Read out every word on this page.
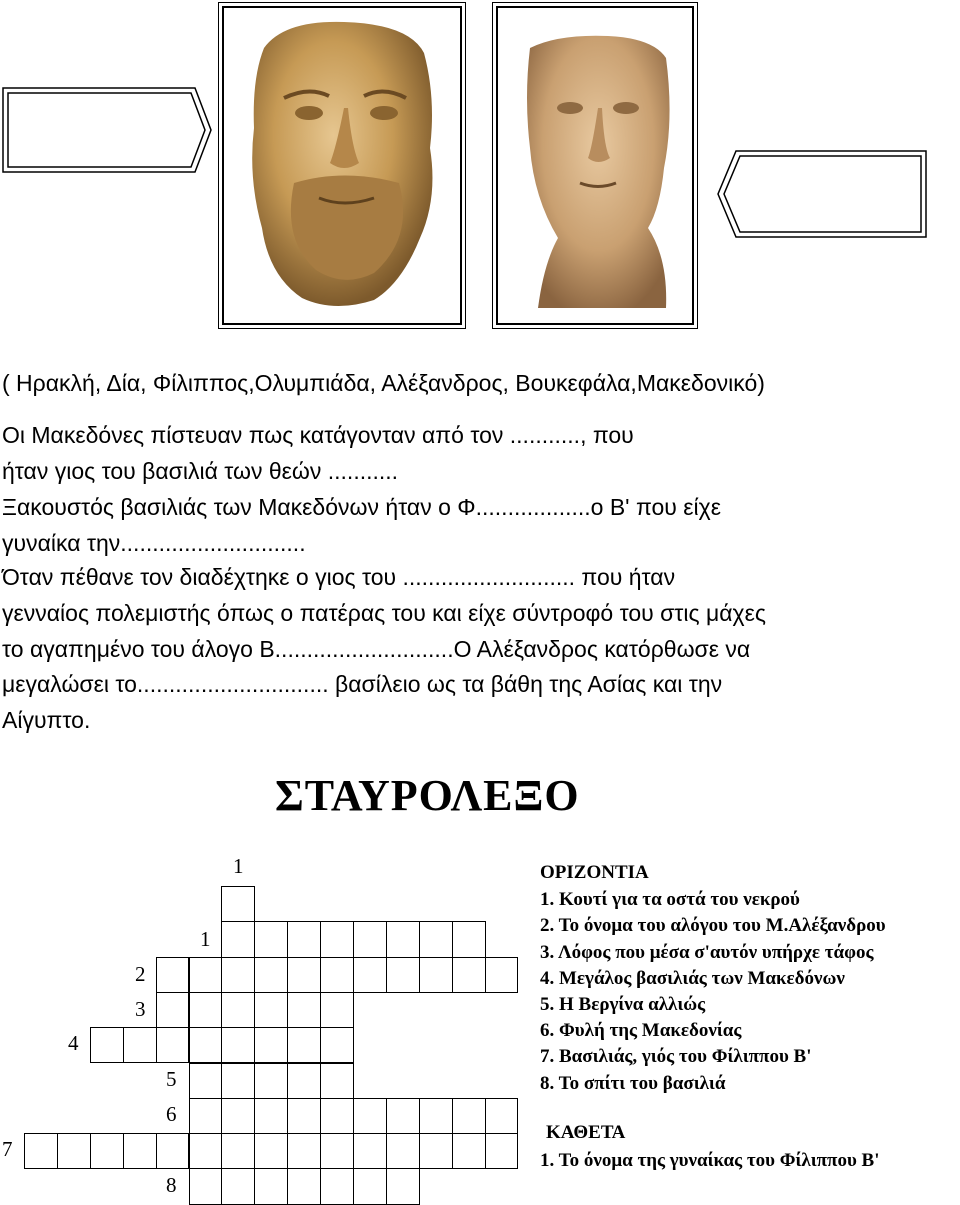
( Ηρακλή, Δία, Φίλιππος,Ολυμπιάδα, Αλέξανδρος, Βουκεφάλα,Μακεδονικό)
Οι Μακεδόνες πίστευαν πως κατάγονταν από τον ..........., που
ήταν γιος του βασιλιά των θεών ...........
Ξακουστός βασιλιάς των Μακεδόνων ήταν ο Φ..................ο Β' που είχε
γυναίκα την.............................
Όταν πέθανε τον διαδέχτηκε ο γιος του ........................... που ήταν
γενναίος πολεμιστής όπως ο πατέρας του και είχε σύντροφό του στις μάχες
το αγαπημένο του άλογο Β............................Ο Αλέξανδρος κατόρθωσε να
μεγαλώσει το.............................. βασίλειο ως τα βάθη της Ασίας και την
Αίγυπτο.
ΣΤΑΥΡΟΛΕΞΟ
1
1
2
3
4
5
6
7
8
ΟΡΙΖΟΝΤΙΑ
1. Κουτί για τα οστά του νεκρού
2. Το όνομα του αλόγου του Μ.Αλέξανδρου
3. Λόφος που μέσα σ'αυτόν υπήρχε τάφος
4. Μεγάλος βασιλιάς των Μακεδόνων
5. Η Βεργίνα αλλιώς
6. Φυλή της Μακεδονίας
7. Βασιλιάς, γιός του Φίλιππου Β'
8. Το σπίτι του βασιλιά
ΚΑΘΕΤΑ
1. Το όνομα της γυναίκας του Φίλιππου Β'
